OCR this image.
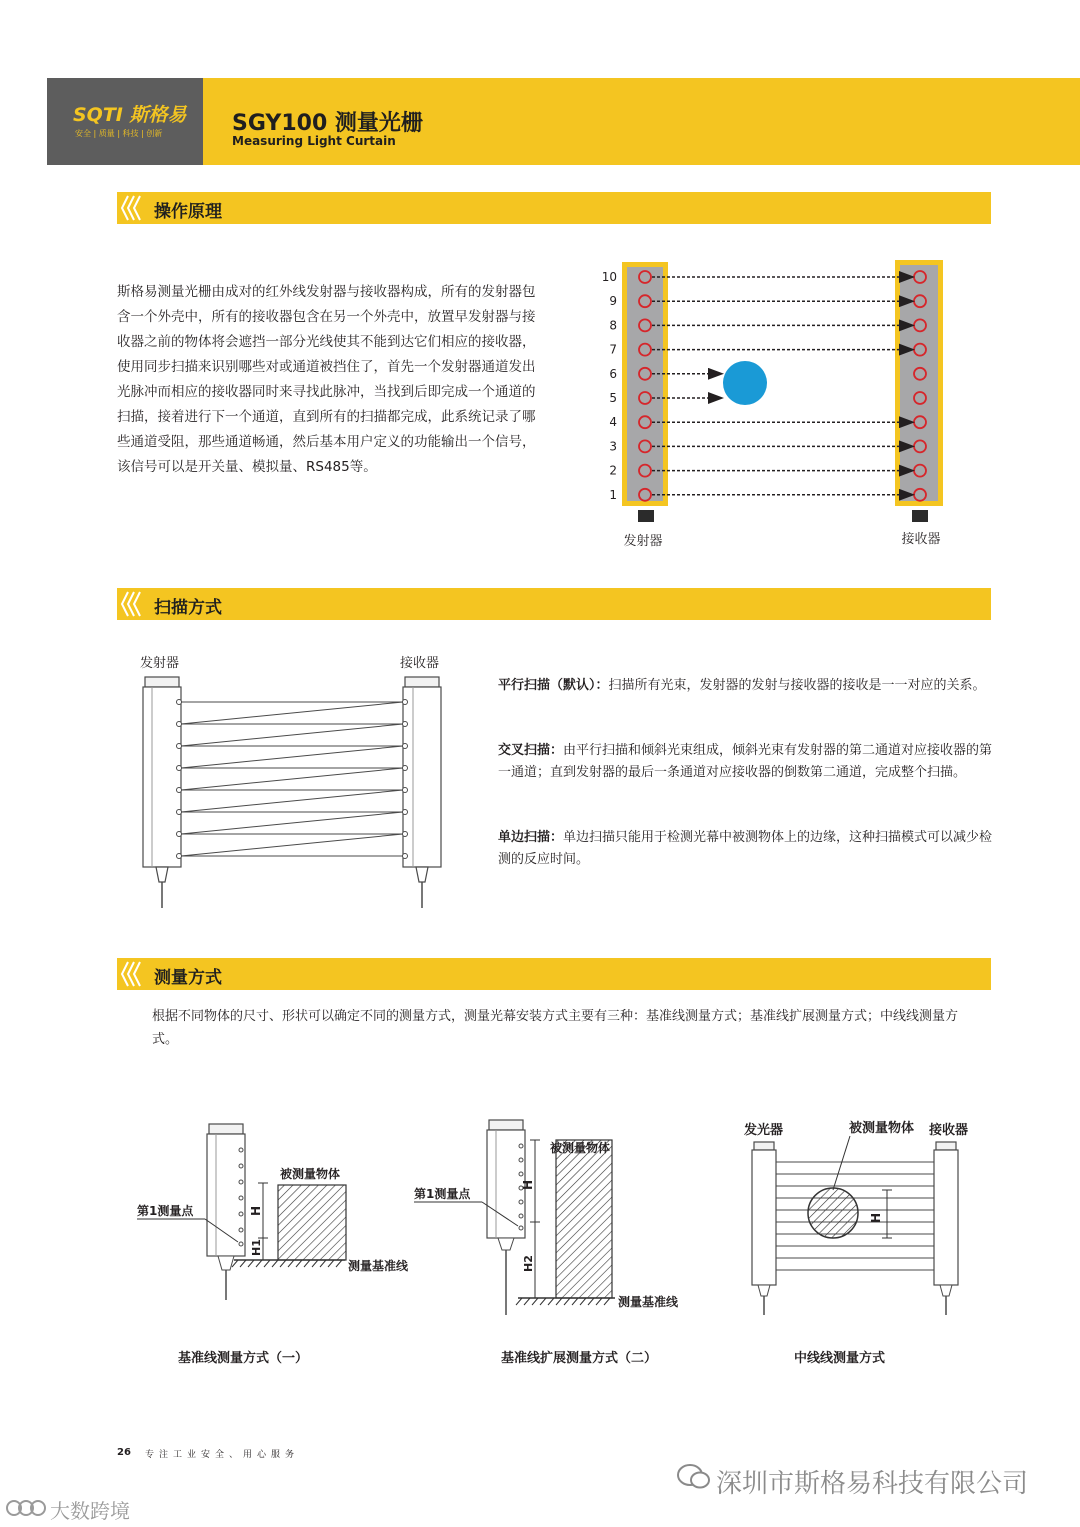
SQTI 斯格易
安全 | 质量 | 科技 | 创新	SGY100 测量光栅
Measuring Light Curtain
操作原理
斯格易测量光栅由成对的红外线发射器与接收器构成，所有的发射器包含一个外壳中，所有的接收器包含在另一个外壳中，放置早发射器与接收器之前的物体将会遮挡一部分光线使其不能到达它们相应的接收器，使用同步扫描来识别哪些对或通道被挡住了，首先一个发射器通道发出光脉冲而相应的接收器同时来寻找此脉冲，当找到后即完成一个通道的扫描，接着进行下一个通道，直到所有的扫描都完成，此系统记录了哪些通道受阻，那些通道畅通，然后基本用户定义的功能输出一个信号，该信号可以是开关量、模拟量、RS485等。
10
9
8
7
6
5
4
3
2
1
发射器	接收器
扫描方式
发射器	接收器
平行扫描（默认）：扫描所有光束，发射器的发射与接收器的接收是一一对应的关系。
交叉扫描：由平行扫描和倾斜光束组成，倾斜光束有发射器的第二通道对应接收器的第一通道；直到发射器的最后一条通道对应接收器的倒数第二通道，完成整个扫描。
单边扫描：单边扫描只能用于检测光幕中被测物体上的边缘，这种扫描模式可以减少检测的反应时间。
测量方式
根据不同物体的尺寸、形状可以确定不同的测量方式，测量光幕安装方式主要有三种：基准线测量方式；基准线扩展测量方式；中线线测量方式。
H
H1
被测量物体
第1测量点
测量基准线
基准线测量方式（一）
H
H2
被测量物体
第1测量点
测量基准线
基准线扩展测量方式（二）
H
发光器	被测量物体 接收器
中线线测量方式
26 专注工业安全、用心服务
深圳市斯格易科技有限公司
大数跨境
